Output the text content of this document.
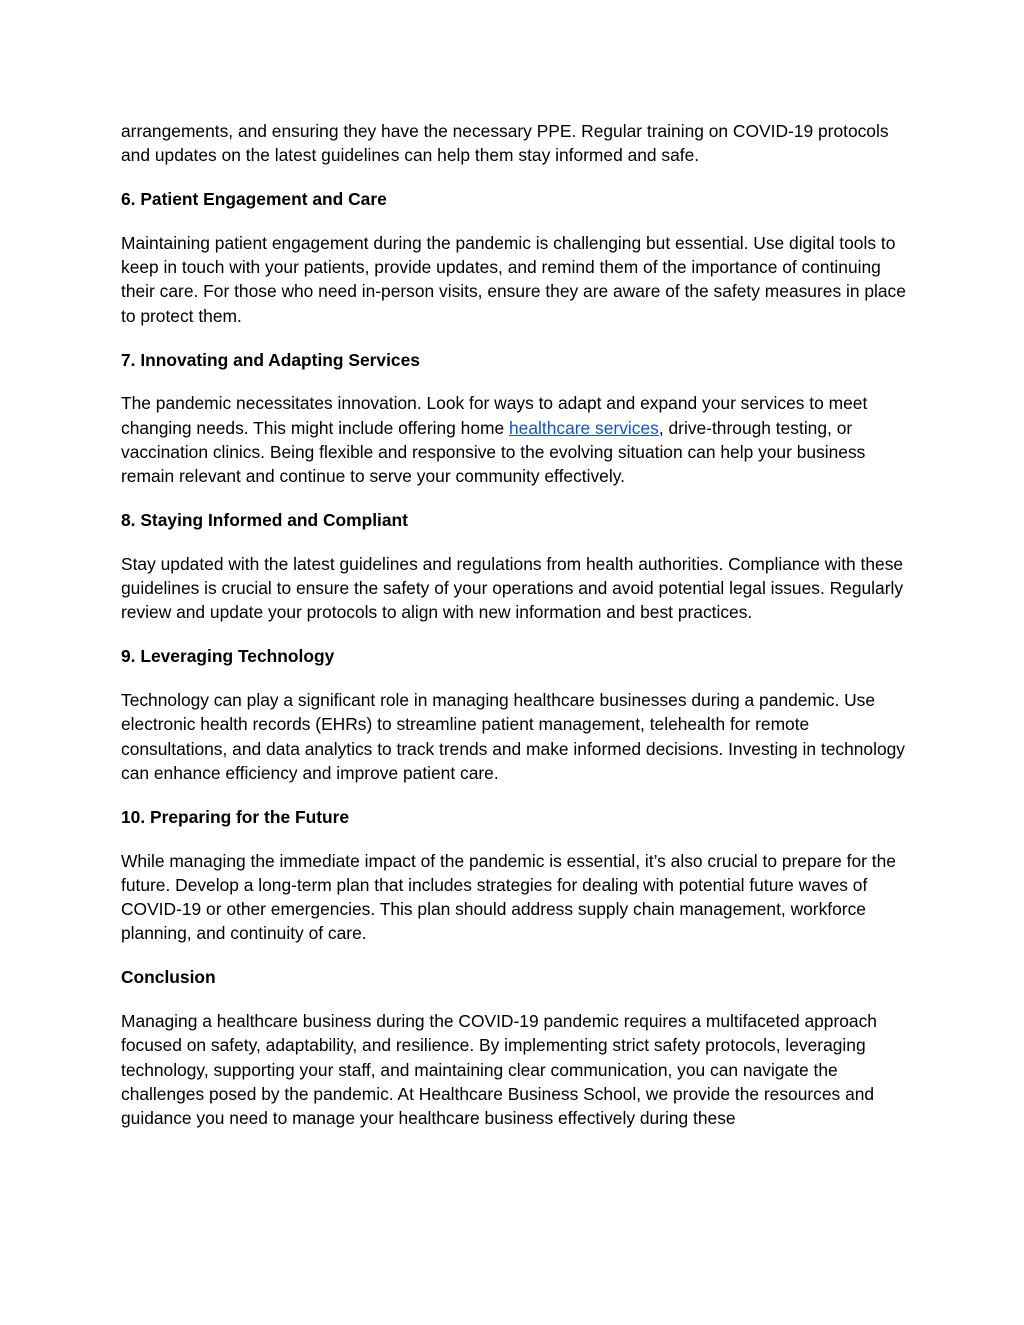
arrangements, and ensuring they have the necessary PPE. Regular training on COVID-19 protocols and updates on the latest guidelines can help them stay informed and safe.

6. Patient Engagement and Care

Maintaining patient engagement during the pandemic is challenging but essential. Use digital tools to keep in touch with your patients, provide updates, and remind them of the importance of continuing their care. For those who need in-person visits, ensure they are aware of the safety measures in place to protect them.

7. Innovating and Adapting Services

The pandemic necessitates innovation. Look for ways to adapt and expand your services to meet changing needs. This might include offering home healthcare services, drive-through testing, or vaccination clinics. Being flexible and responsive to the evolving situation can help your business remain relevant and continue to serve your community effectively.

8. Staying Informed and Compliant

Stay updated with the latest guidelines and regulations from health authorities. Compliance with these guidelines is crucial to ensure the safety of your operations and avoid potential legal issues. Regularly review and update your protocols to align with new information and best practices.

9. Leveraging Technology

Technology can play a significant role in managing healthcare businesses during a pandemic. Use electronic health records (EHRs) to streamline patient management, telehealth for remote consultations, and data analytics to track trends and make informed decisions. Investing in technology can enhance efficiency and improve patient care.

10. Preparing for the Future

While managing the immediate impact of the pandemic is essential, it’s also crucial to prepare for the future. Develop a long-term plan that includes strategies for dealing with potential future waves of COVID-19 or other emergencies. This plan should address supply chain management, workforce planning, and continuity of care.

Conclusion

Managing a healthcare business during the COVID-19 pandemic requires a multifaceted approach focused on safety, adaptability, and resilience. By implementing strict safety protocols, leveraging technology, supporting your staff, and maintaining clear communication, you can navigate the challenges posed by the pandemic. At Healthcare Business School, we provide the resources and guidance you need to manage your healthcare business effectively during these
